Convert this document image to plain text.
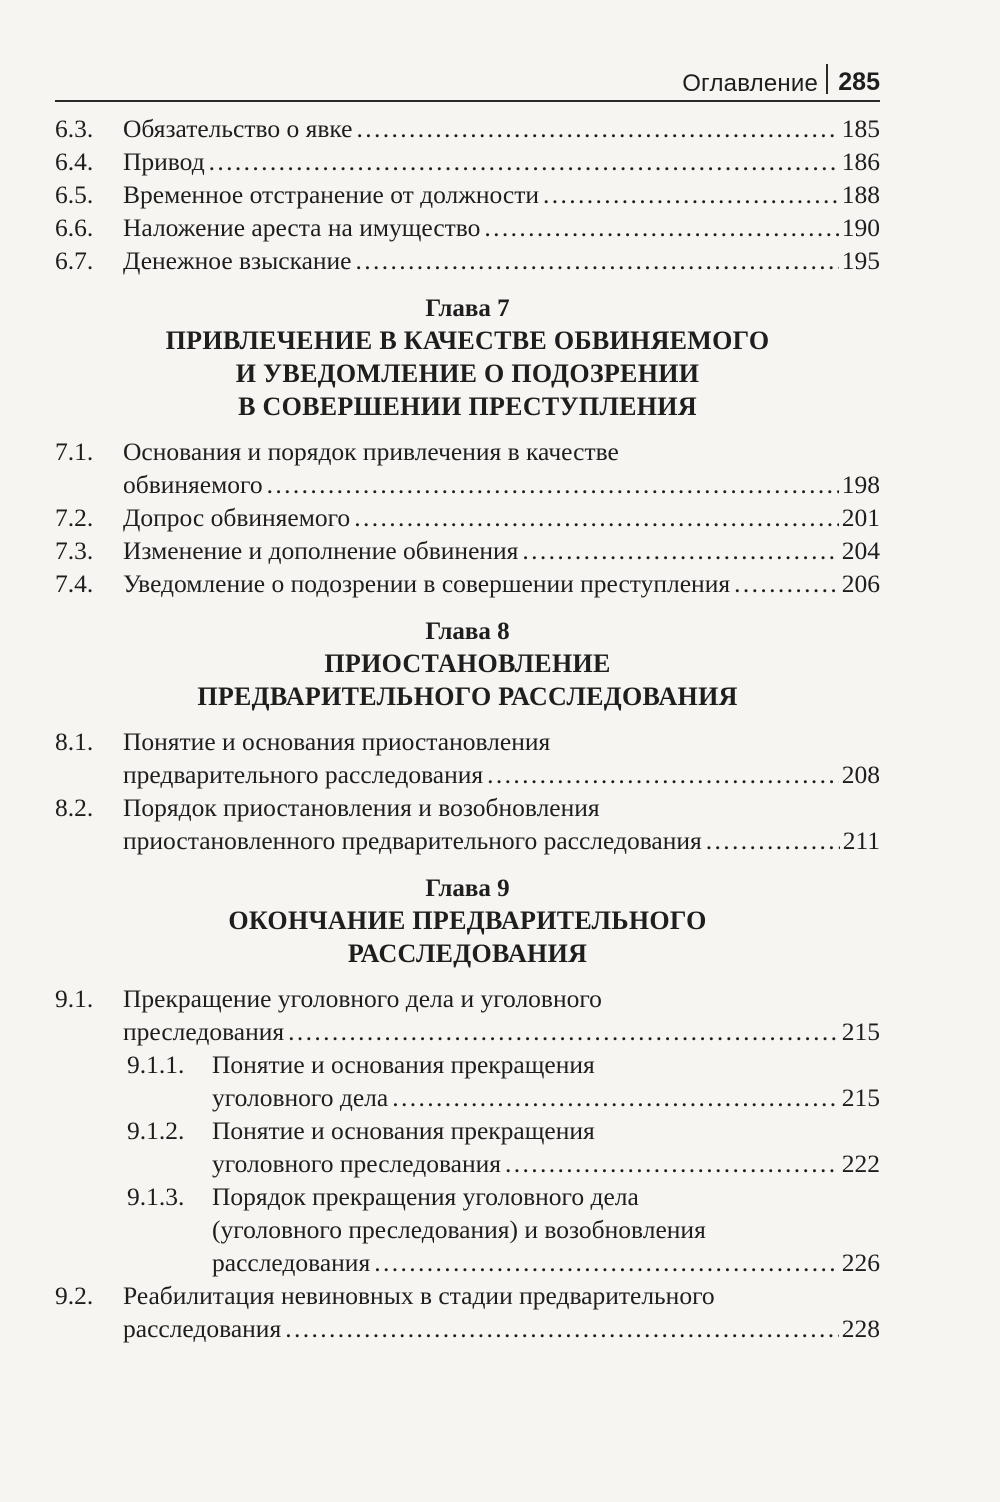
Оглавление 285
6.3. Обязательство о явке . . .	185
6.4. Привод . . .	186
6.5. Временное отстранение от должности . . .	188
6.6. Наложение ареста на имущество . . .	190
6.7. Денежное взыскание . . .	195
Глава 7
ПРИВЛЕЧЕНИЕ В КАЧЕСТВЕ ОБВИНЯЕМОГО
И УВЕДОМЛЕНИЕ О ПОДОЗРЕНИИ
В СОВЕРШЕНИИ ПРЕСТУПЛЕНИЯ
7.1. Основания и порядок привлечения в качестве
обвиняемого . . .	198
7.2. Допрос обвиняемого . . .	201
7.3. Изменение и дополнение обвинения . . .	204
7.4. Уведомление о подозрении в совершении преступления . . .	206
Глава 8
ПРИОСТАНОВЛЕНИЕ
ПРЕДВАРИТЕЛЬНОГО РАССЛЕДОВАНИЯ
8.1. Понятие и основания приостановления
предварительного расследования . . .	208
8.2. Порядок приостановления и возобновления
приостановленного предварительного расследования . . .	211
Глава 9
ОКОНЧАНИЕ ПРЕДВАРИТЕЛЬНОГО
РАССЛЕДОВАНИЯ
9.1. Прекращение уголовного дела и уголовного
преследования . . .	215
9.1.1. Понятие и основания прекращения
уголовного дела . . .	215
9.1.2. Понятие и основания прекращения
уголовного преследования . . .	222
9.1.3. Порядок прекращения уголовного дела
(уголовного преследования) и возобновления
расследования . . .	226
9.2. Реабилитация невиновных в стадии предварительного
расследования . . .	228
